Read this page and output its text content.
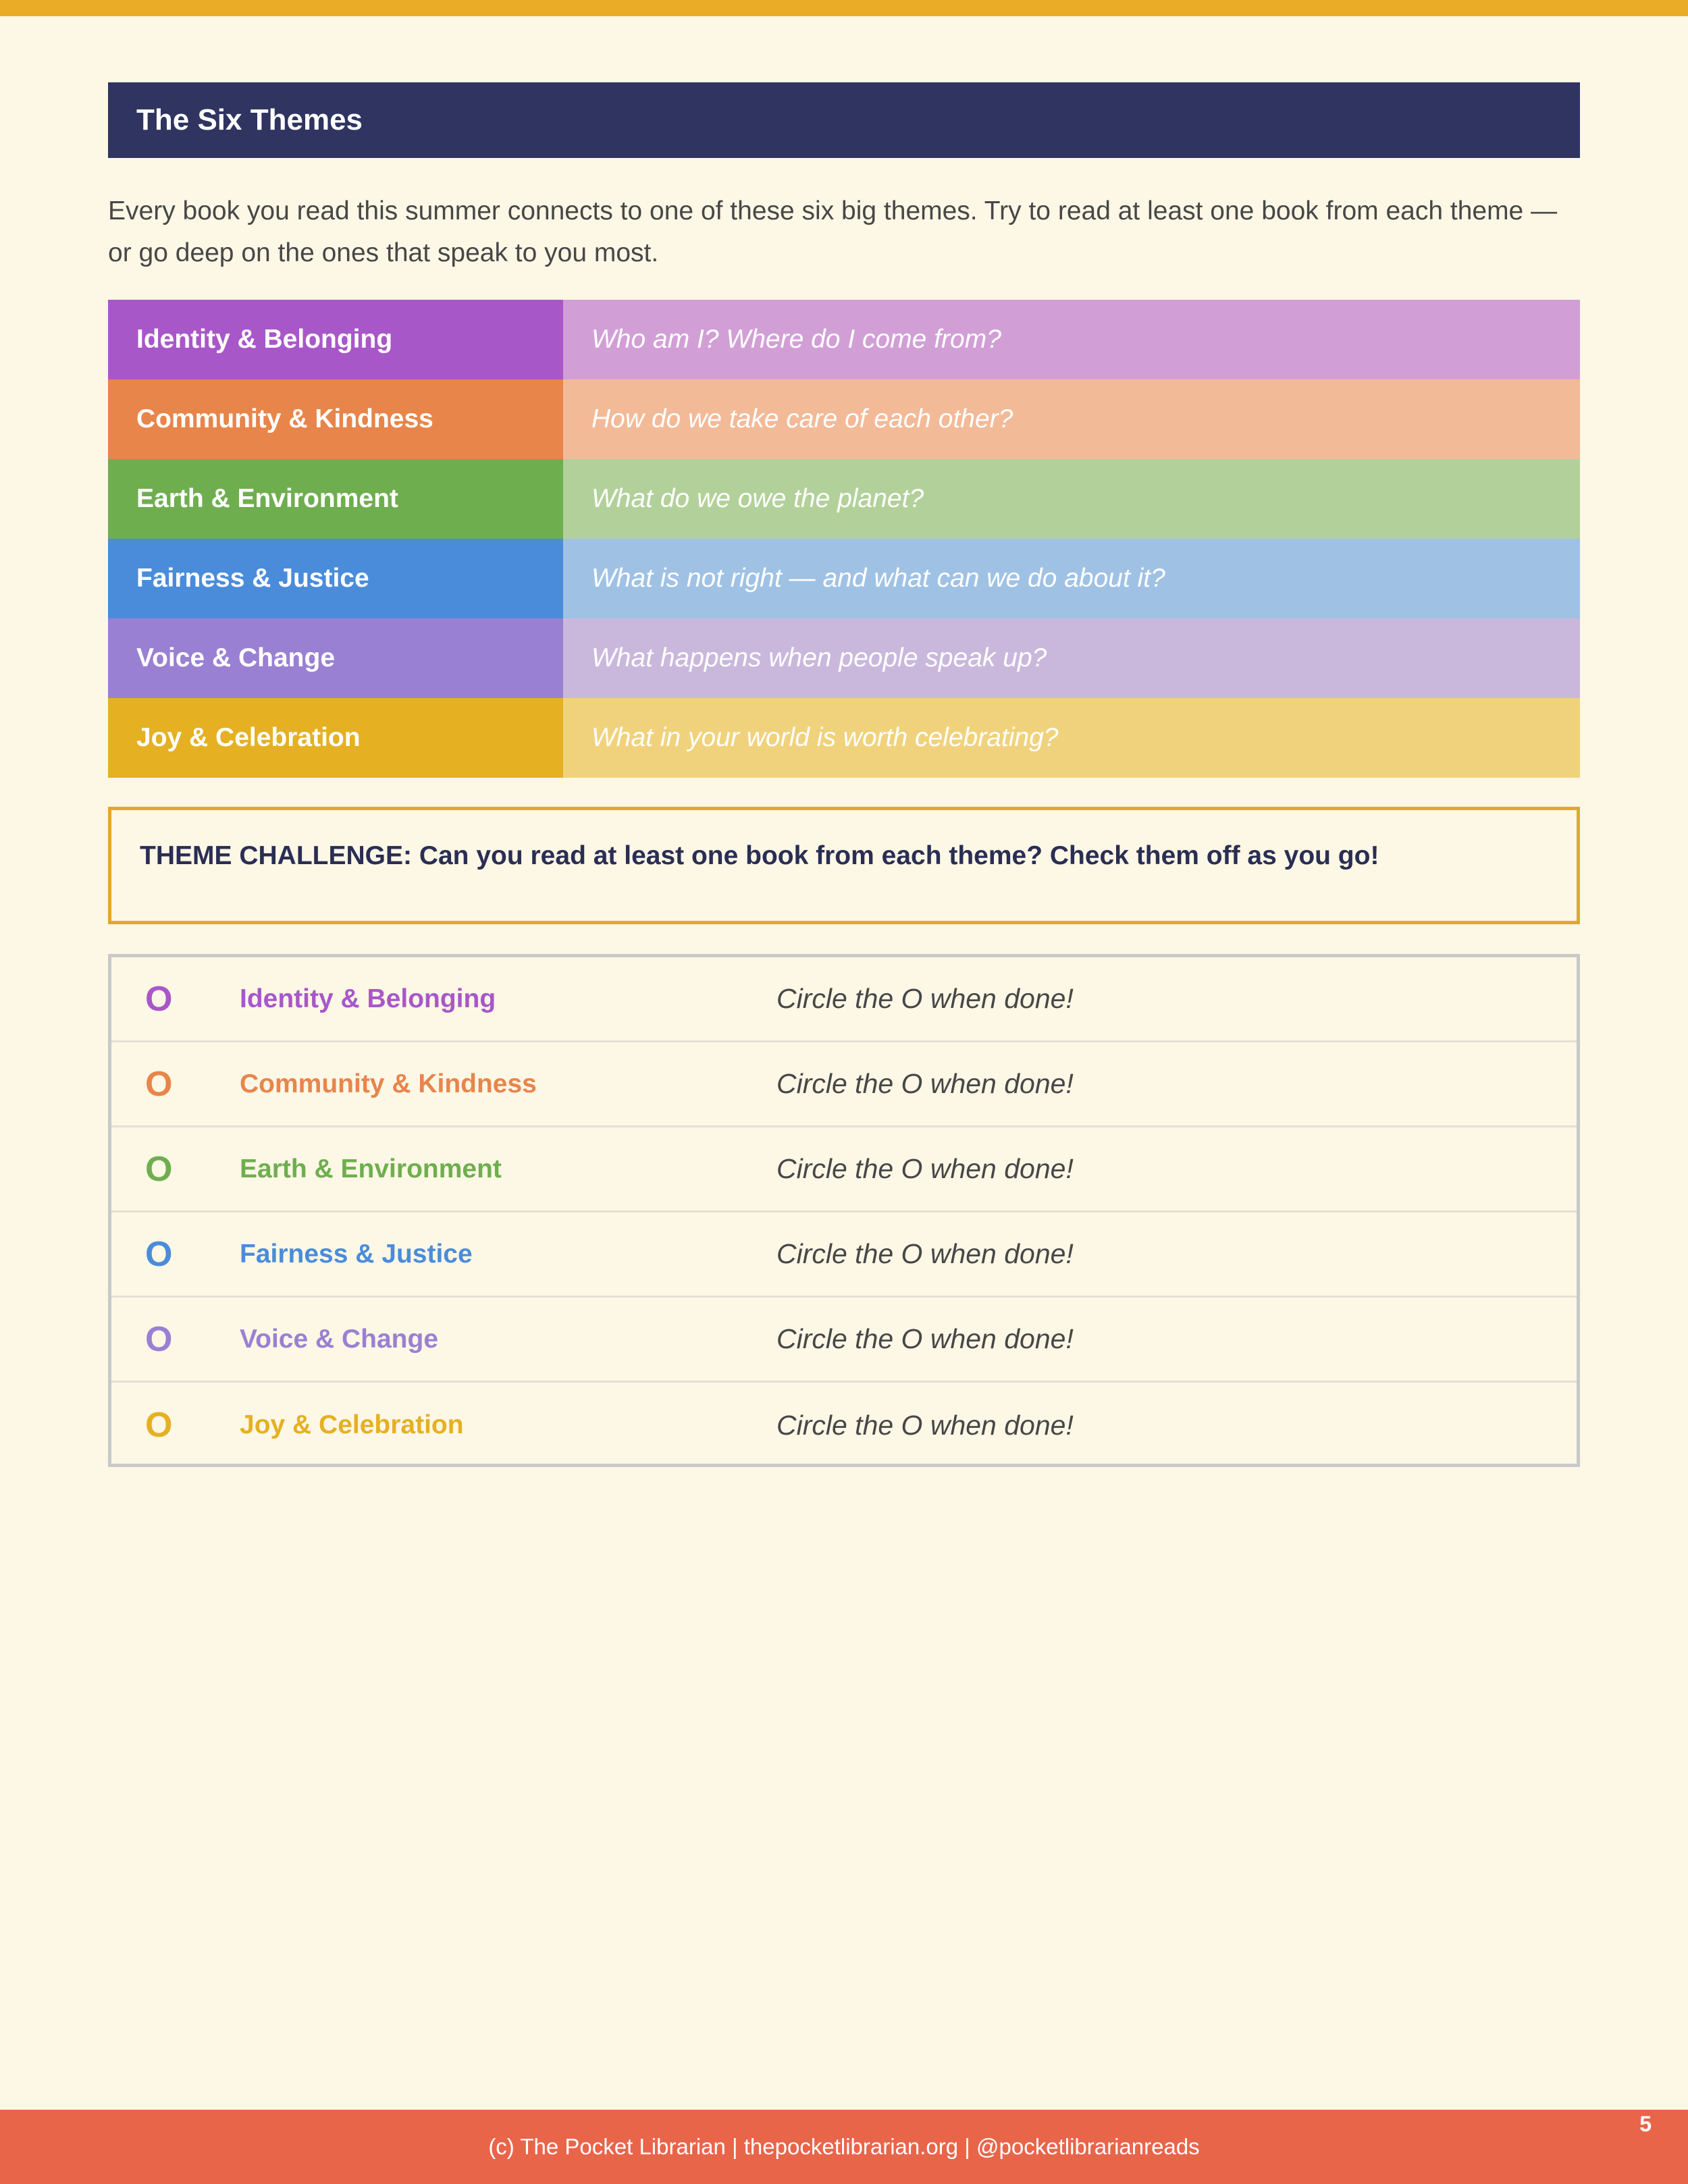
The Six Themes
Every book you read this summer connects to one of these six big themes. Try to read at least one book from each theme — or go deep on the ones that speak to you most.
Identity & Belonging	Who am I? Where do I come from?
Community & Kindness	How do we take care of each other?
Earth & Environment	What do we owe the planet?
Fairness & Justice	What is not right — and what can we do about it?
Voice & Change	What happens when people speak up?
Joy & Celebration	What in your world is worth celebrating?
THEME CHALLENGE: Can you read at least one book from each theme? Check them off as you go!
O	Identity & Belonging	Circle the O when done!
O	Community & Kindness	Circle the O when done!
O	Earth & Environment	Circle the O when done!
O	Fairness & Justice	Circle the O when done!
O	Voice & Change	Circle the O when done!
O	Joy & Celebration	Circle the O when done!
(c) The Pocket Librarian | thepocketlibrarian.org | @pocketlibrarianreads
5
